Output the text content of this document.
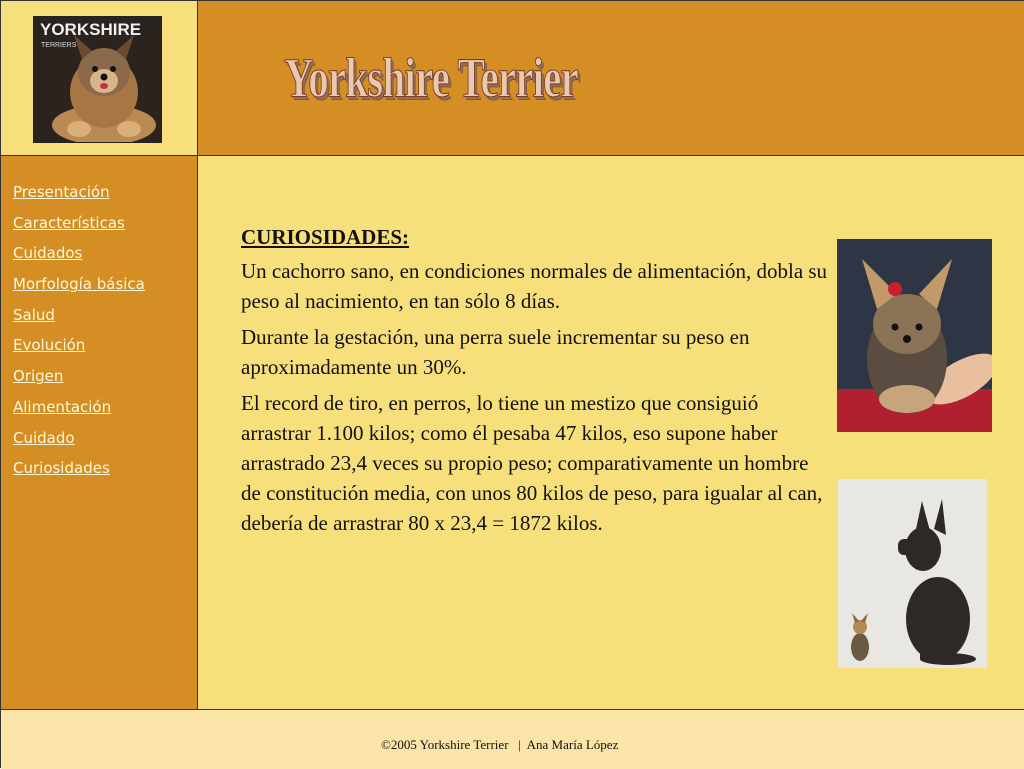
YORKSHIRE
TERRIERS
Yorkshire Terrier
Presentación
Características
Cuidados
Morfología básica
Salud
Evolución
Origen
Alimentación
Cuidado
Curiosidades
CURIOSIDADES:

Un cachorro sano, en condiciones normales de alimentación, dobla su peso al nacimiento, en tan sólo 8 días.

Durante la gestación, una perra suele incrementar su peso en aproximadamente un 30%.

El record de tiro, en perros, lo tiene un mestizo que consiguió arrastrar 1.100 kilos; como él pesaba 47 kilos, eso supone haber arrastrado 23,4 veces su propio peso; comparativamente un hombre de constitución media, con unos 80 kilos de peso, para igualar al can, debería de arrastrar 80 x 23,4 = 1872 kilos.

©2005 Yorkshire Terrier   |  Ana María López
